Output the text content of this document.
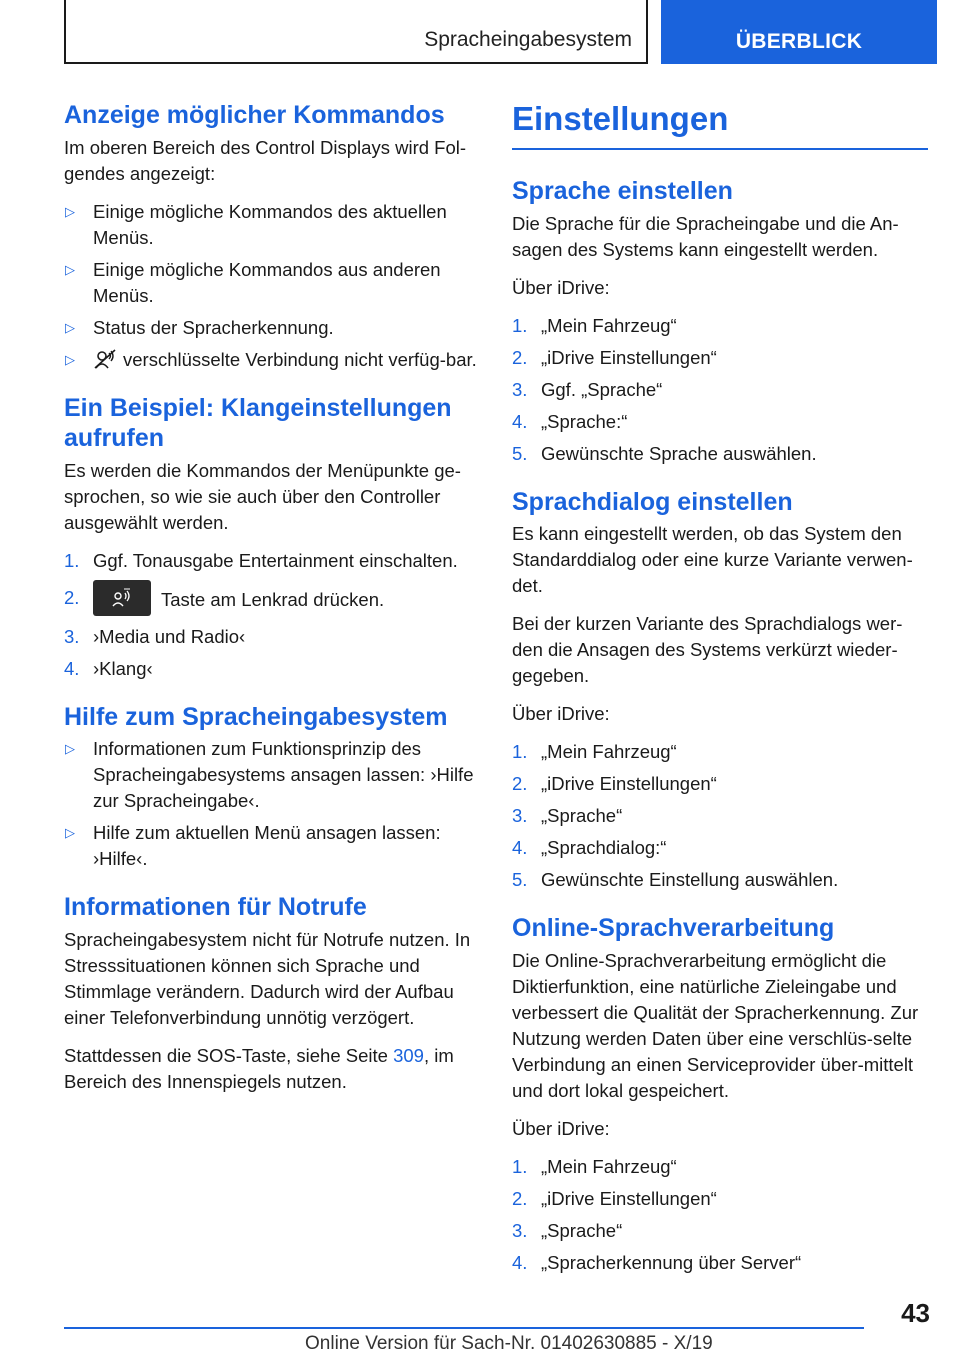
Spracheingabesystem	ÜBERBLICK
Anzeige möglicher Kommandos

Im oberen Bereich des Control Displays wird Fol-gendes angezeigt:

▷ Einige mögliche Kommandos des aktuellen Menüs.
▷ Einige mögliche Kommandos aus anderen Menüs.
▷ Status der Spracherkennung.
▷	verschlüsselte Verbindung nicht verfüg-bar.
Ein Beispiel: Klangeinstellungen aufrufen

Es werden die Kommandos der Menüpunkte ge-sprochen, so wie sie auch über den Controller ausgewählt werden.

1. Ggf. Tonausgabe Entertainment einschalten.
2.	Taste am Lenkrad drücken.
3. ›Media und Radio‹
4. ›Klang‹
Hilfe zum Spracheingabesystem
▷ Informationen zum Funktionsprinzip des Spracheingabesystems ansagen lassen: ›Hilfe zur Spracheingabe‹.
▷ Hilfe zum aktuellen Menü ansagen lassen: ›Hilfe‹.
Informationen für Notrufe

Spracheingabesystem nicht für Notrufe nutzen. In Stresssituationen können sich Sprache und Stimmlage verändern. Dadurch wird der Aufbau einer Telefonverbindung unnötig verzögert.

Stattdessen die SOS-Taste, siehe Seite 309, im Bereich des Innenspiegels nutzen.

Einstellungen
Sprache einstellen

Die Sprache für die Spracheingabe und die An-sagen des Systems kann eingestellt werden.

Über iDrive:

1. „Mein Fahrzeug“
2. „iDrive Einstellungen“
3. Ggf. „Sprache“
4. „Sprache:“
5. Gewünschte Sprache auswählen.
Sprachdialog einstellen

Es kann eingestellt werden, ob das System den Standarddialog oder eine kurze Variante verwen-det.

Bei der kurzen Variante des Sprachdialogs wer-den die Ansagen des Systems verkürzt wieder-gegeben.

Über iDrive:

1. „Mein Fahrzeug“
2. „iDrive Einstellungen“
3. „Sprache“
4. „Sprachdialog:“
5. Gewünschte Einstellung auswählen.
Online-Sprachverarbeitung

Die Online-Sprachverarbeitung ermöglicht die Diktierfunktion, eine natürliche Zieleingabe und verbessert die Qualität der Spracherkennung. Zur Nutzung werden Daten über eine verschlüs-selte Verbindung an einen Serviceprovider über-mittelt und dort lokal gespeichert.

Über iDrive:

1. „Mein Fahrzeug“
2. „iDrive Einstellungen“
3. „Sprache“
4. „Spracherkennung über Server“
43
Online Version für Sach-Nr. 01402630885 - X/19
